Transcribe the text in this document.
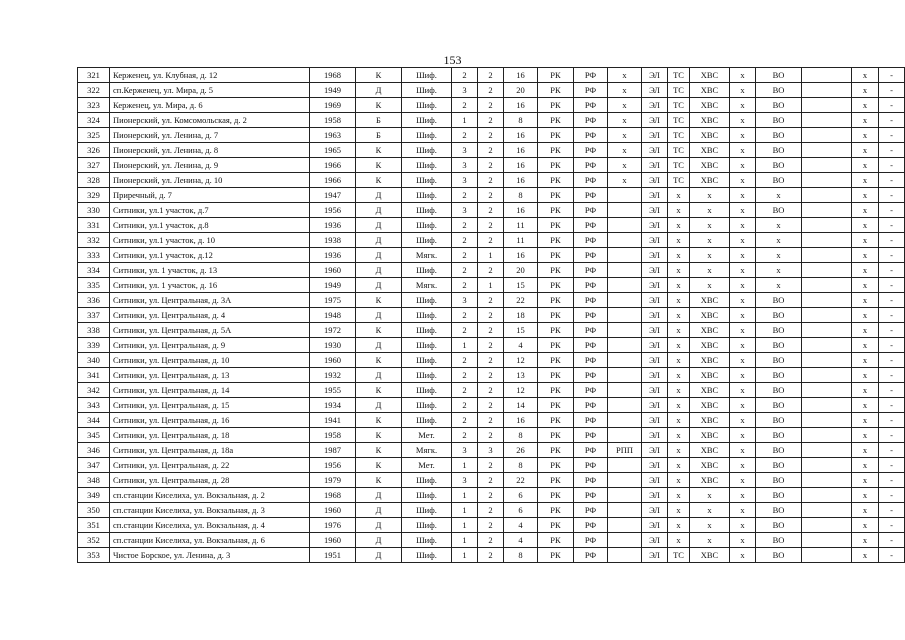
153
321	Керженец, ул. Клубная, д. 12	1968	К	Шиф.	2	2	16	РК	РФ	х	ЭЛ	ТС	ХВС	х	ВО		х	-
322	сп.Керженец, ул. Мира, д. 5	1949	Д	Шиф.	3	2	20	РК	РФ	х	ЭЛ	ТС	ХВС	х	ВО		х	-
323	Керженец, ул. Мира, д. 6	1969	К	Шиф.	2	2	16	РК	РФ	х	ЭЛ	ТС	ХВС	х	ВО		х	-
324	Пионерский, ул. Комсомольская, д. 2	1958	Б	Шиф.	1	2	8	РК	РФ	х	ЭЛ	ТС	ХВС	х	ВО		х	-
325	Пионерский, ул. Ленина, д. 7	1963	Б	Шиф.	2	2	16	РК	РФ	х	ЭЛ	ТС	ХВС	х	ВО		х	-
326	Пионерский, ул. Ленина, д. 8	1965	К	Шиф.	3	2	16	РК	РФ	х	ЭЛ	ТС	ХВС	х	ВО		х	-
327	Пионерский, ул. Ленина, д. 9	1966	К	Шиф.	3	2	16	РК	РФ	х	ЭЛ	ТС	ХВС	х	ВО		х	-
328	Пионерский, ул. Ленина, д. 10	1966	К	Шиф.	3	2	16	РК	РФ	х	ЭЛ	ТС	ХВС	х	ВО		х	-
329	Приречный, д. 7	1947	Д	Шиф.	2	2	8	РК	РФ		ЭЛ	х	х	х	х		х	-
330	Ситники, ул.1 участок, д.7	1956	Д	Шиф.	3	2	16	РК	РФ		ЭЛ	х	х	х	ВО		х	-
331	Ситники, ул.1 участок, д.8	1936	Д	Шиф.	2	2	11	РК	РФ		ЭЛ	х	х	х	х		х	-
332	Ситники, ул.1 участок, д. 10	1938	Д	Шиф.	2	2	11	РК	РФ		ЭЛ	х	х	х	х		х	-
333	Ситники, ул.1 участок, д.12	1936	Д	Мягк.	2	1	16	РК	РФ		ЭЛ	х	х	х	х		х	-
334	Ситники, ул. 1 участок, д. 13	1960	Д	Шиф.	2	2	20	РК	РФ		ЭЛ	х	х	х	х		х	-
335	Ситники, ул. 1 участок, д. 16	1949	Д	Мягк.	2	1	15	РК	РФ		ЭЛ	х	х	х	х		х	-
336	Ситники, ул. Центральная, д. 3А	1975	К	Шиф.	3	2	22	РК	РФ		ЭЛ	х	ХВС	х	ВО		х	-
337	Ситники, ул. Центральная, д. 4	1948	Д	Шиф.	2	2	18	РК	РФ		ЭЛ	х	ХВС	х	ВО		х	-
338	Ситники, ул. Центральная, д. 5А	1972	К	Шиф.	2	2	15	РК	РФ		ЭЛ	х	ХВС	х	ВО		х	-
339	Ситники, ул. Центральная, д. 9	1930	Д	Шиф.	1	2	4	РК	РФ		ЭЛ	х	ХВС	х	ВО		х	-
340	Ситники, ул. Центральная, д. 10	1960	К	Шиф.	2	2	12	РК	РФ		ЭЛ	х	ХВС	х	ВО		х	-
341	Ситники, ул. Центральная, д. 13	1932	Д	Шиф.	2	2	13	РК	РФ		ЭЛ	х	ХВС	х	ВО		х	-
342	Ситники, ул. Центральная, д. 14	1955	К	Шиф.	2	2	12	РК	РФ		ЭЛ	х	ХВС	х	ВО		х	-
343	Ситники, ул. Центральная, д. 15	1934	Д	Шиф.	2	2	14	РК	РФ		ЭЛ	х	ХВС	х	ВО		х	-
344	Ситники, ул. Центральная, д. 16	1941	К	Шиф.	2	2	16	РК	РФ		ЭЛ	х	ХВС	х	ВО		х	-
345	Ситники, ул. Центральная, д. 18	1958	К	Мет.	2	2	8	РК	РФ		ЭЛ	х	ХВС	х	ВО		х	-
346	Ситники, ул. Центральная, д. 18а	1987	К	Мягк.	3	3	26	РК	РФ	РПП	ЭЛ	х	ХВС	х	ВО		х	-
347	Ситники, ул. Центральная, д. 22	1956	К	Мет.	1	2	8	РК	РФ		ЭЛ	х	ХВС	х	ВО		х	-
348	Ситники, ул. Центральная, д. 28	1979	К	Шиф.	3	2	22	РК	РФ		ЭЛ	х	ХВС	х	ВО		х	-
349	сп.станции Киселиха, ул. Вокзальная, д. 2	1968	Д	Шиф.	1	2	6	РК	РФ		ЭЛ	х	х	х	ВО		х	-
350	сп.станции Киселиха, ул. Вокзальная, д. 3	1960	Д	Шиф.	1	2	6	РК	РФ		ЭЛ	х	х	х	ВО		х	-
351	сп.станции Киселиха, ул. Вокзальная, д. 4	1976	Д	Шиф.	1	2	4	РК	РФ		ЭЛ	х	х	х	ВО		х	-
352	сп.станции Киселиха, ул. Вокзальная, д. 6	1960	Д	Шиф.	1	2	4	РК	РФ		ЭЛ	х	х	х	ВО		х	-
353	Чистое Борское, ул. Ленина, д. 3	1951	Д	Шиф.	1	2	8	РК	РФ		ЭЛ	ТС	ХВС	х	ВО		х	-
